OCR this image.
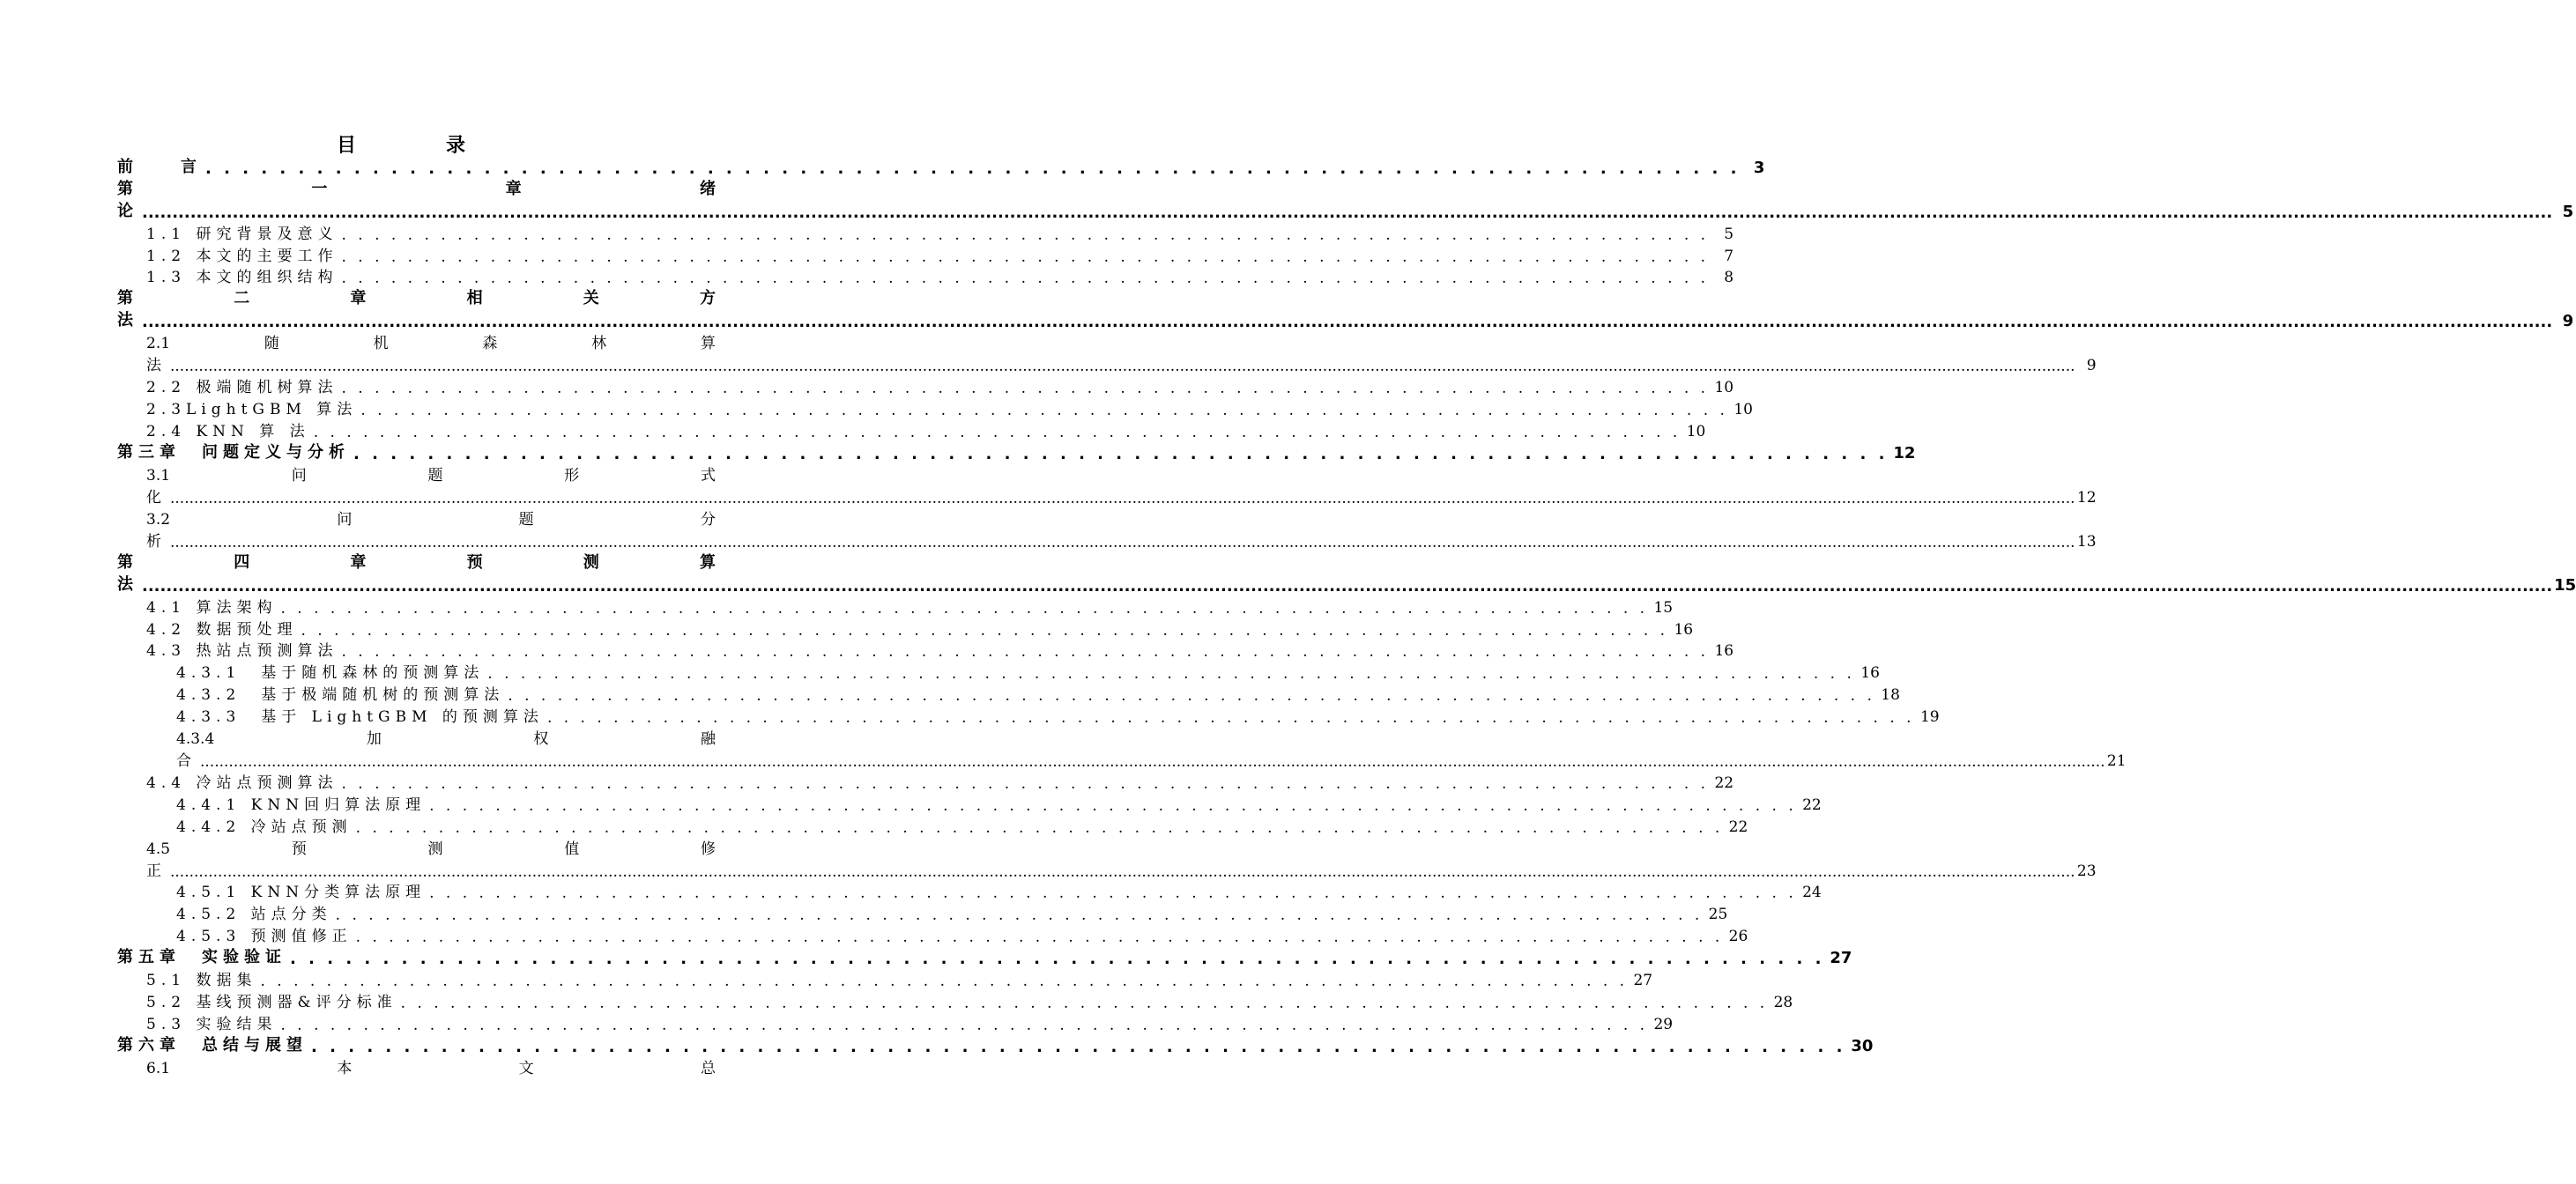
目　录
前　　言 . . . . . . . . . . . . . . . . . . . . . . . . . . . . . . . . . . . . . . . . . . . . . . . . . . . . . . . . . . . . . . . . . . . . . . . . . . . . . . . . . . . 3
第	一	章	绪
论 ................................................................................................................................................................................................................................................................................................................................................................................................................ 5
1.1 研究背景及意义 . . . . . . . . . . . . . . . . . . . . . . . . . . . . . . . . . . . . . . . . . . . . . . . . . . . . . . . . . . . . . . . . . . . . . . . . . . . . . . . . . . .	5
1.2 本文的主要工作 . . . . . . . . . . . . . . . . . . . . . . . . . . . . . . . . . . . . . . . . . . . . . . . . . . . . . . . . . . . . . . . . . . . . . . . . . . . . . . . . . . .	7
1.3 本文的组织结构 . . . . . . . . . . . . . . . . . . . . . . . . . . . . . . . . . . . . . . . . . . . . . . . . . . . . . . . . . . . . . . . . . . . . . . . . . . . . . . . . . . .	8
第	二	章	相	关	方
法 ................................................................................................................................................................................................................................................................................................................................................................................................................ 9
2.1	随	机	森	林	算
法 ................................................................................................................................................................................................................................................................................................................................................................................................................ 9
2.2 极端随机树算法 . . . . . . . . . . . . . . . . . . . . . . . . . . . . . . . . . . . . . . . . . . . . . . . . . . . . . . . . . . . . . . . . . . . . . . . . . . . . . . . . . . . 10
2.3LightGBM 算法 . . . . . . . . . . . . . . . . . . . . . . . . . . . . . . . . . . . . . . . . . . . . . . . . . . . . . . . . . . . . . . . . . . . . . . . . . . . . . . . . . . . 10
2.4 KNN 算 法 . . . . . . . . . . . . . . . . . . . . . . . . . . . . . . . . . . . . . . . . . . . . . . . . . . . . . . . . . . . . . . . . . . . . . . . . . . . . . . . . . . . 10
第三章　问题定义与分析 . . . . . . . . . . . . . . . . . . . . . . . . . . . . . . . . . . . . . . . . . . . . . . . . . . . . . . . . . . . . . . . . . . . . . . . . . . . . . . . . . . . 12
3.1	问	题	形	式
化 ................................................................................................................................................................................................................................................................................................................................................................................................................ 12
3.2	问	题	分
析 ................................................................................................................................................................................................................................................................................................................................................................................................................ 13
第	四	章	预	测	算
法 ................................................................................................................................................................................................................................................................................................................................................................................................................ 15
4.1 算法架构 . . . . . . . . . . . . . . . . . . . . . . . . . . . . . . . . . . . . . . . . . . . . . . . . . . . . . . . . . . . . . . . . . . . . . . . . . . . . . . . . . . . 15
4.2 数据预处理 . . . . . . . . . . . . . . . . . . . . . . . . . . . . . . . . . . . . . . . . . . . . . . . . . . . . . . . . . . . . . . . . . . . . . . . . . . . . . . . . . . . 16
4.3 热站点预测算法 . . . . . . . . . . . . . . . . . . . . . . . . . . . . . . . . . . . . . . . . . . . . . . . . . . . . . . . . . . . . . . . . . . . . . . . . . . . . . . . . . . . 16
4.3.1　基于随机森林的预测算法 . . . . . . . . . . . . . . . . . . . . . . . . . . . . . . . . . . . . . . . . . . . . . . . . . . . . . . . . . . . . . . . . . . . . . . . . . . . . . . . . . . . 16
4.3.2　基于极端随机树的预测算法 . . . . . . . . . . . . . . . . . . . . . . . . . . . . . . . . . . . . . . . . . . . . . . . . . . . . . . . . . . . . . . . . . . . . . . . . . . . . . . . . . . . 18
4.3.3　基于 LightGBM 的预测算法 . . . . . . . . . . . . . . . . . . . . . . . . . . . . . . . . . . . . . . . . . . . . . . . . . . . . . . . . . . . . . . . . . . . . . . . . . . . . . . . . . . . 19
4.3.4	加	权	融
合 ................................................................................................................................................................................................................................................................................................................................................................................................................ 21
4.4 冷站点预测算法 . . . . . . . . . . . . . . . . . . . . . . . . . . . . . . . . . . . . . . . . . . . . . . . . . . . . . . . . . . . . . . . . . . . . . . . . . . . . . . . . . . . 22
4.4.1 KNN回归算法原理 . . . . . . . . . . . . . . . . . . . . . . . . . . . . . . . . . . . . . . . . . . . . . . . . . . . . . . . . . . . . . . . . . . . . . . . . . . . . . . . . . . . 22
4.4.2 冷站点预测 . . . . . . . . . . . . . . . . . . . . . . . . . . . . . . . . . . . . . . . . . . . . . . . . . . . . . . . . . . . . . . . . . . . . . . . . . . . . . . . . . . . 22
4.5	预	测	值	修
正 ................................................................................................................................................................................................................................................................................................................................................................................................................ 23
4.5.1 KNN分类算法原理 . . . . . . . . . . . . . . . . . . . . . . . . . . . . . . . . . . . . . . . . . . . . . . . . . . . . . . . . . . . . . . . . . . . . . . . . . . . . . . . . . . . 24
4.5.2 站点分类 . . . . . . . . . . . . . . . . . . . . . . . . . . . . . . . . . . . . . . . . . . . . . . . . . . . . . . . . . . . . . . . . . . . . . . . . . . . . . . . . . . . 25
4.5.3 预测值修正 . . . . . . . . . . . . . . . . . . . . . . . . . . . . . . . . . . . . . . . . . . . . . . . . . . . . . . . . . . . . . . . . . . . . . . . . . . . . . . . . . . . 26
第五章　实验验证 . . . . . . . . . . . . . . . . . . . . . . . . . . . . . . . . . . . . . . . . . . . . . . . . . . . . . . . . . . . . . . . . . . . . . . . . . . . . . . . . . . . 27
5.1 数据集 . . . . . . . . . . . . . . . . . . . . . . . . . . . . . . . . . . . . . . . . . . . . . . . . . . . . . . . . . . . . . . . . . . . . . . . . . . . . . . . . . . . 27
5.2 基线预测器&评分标准 . . . . . . . . . . . . . . . . . . . . . . . . . . . . . . . . . . . . . . . . . . . . . . . . . . . . . . . . . . . . . . . . . . . . . . . . . . . . . . . . . . . 28
5.3 实验结果 . . . . . . . . . . . . . . . . . . . . . . . . . . . . . . . . . . . . . . . . . . . . . . . . . . . . . . . . . . . . . . . . . . . . . . . . . . . . . . . . . . . 29
第六章　总结与展望 . . . . . . . . . . . . . . . . . . . . . . . . . . . . . . . . . . . . . . . . . . . . . . . . . . . . . . . . . . . . . . . . . . . . . . . . . . . . . . . . . . . 30
6.1	本	文	总
